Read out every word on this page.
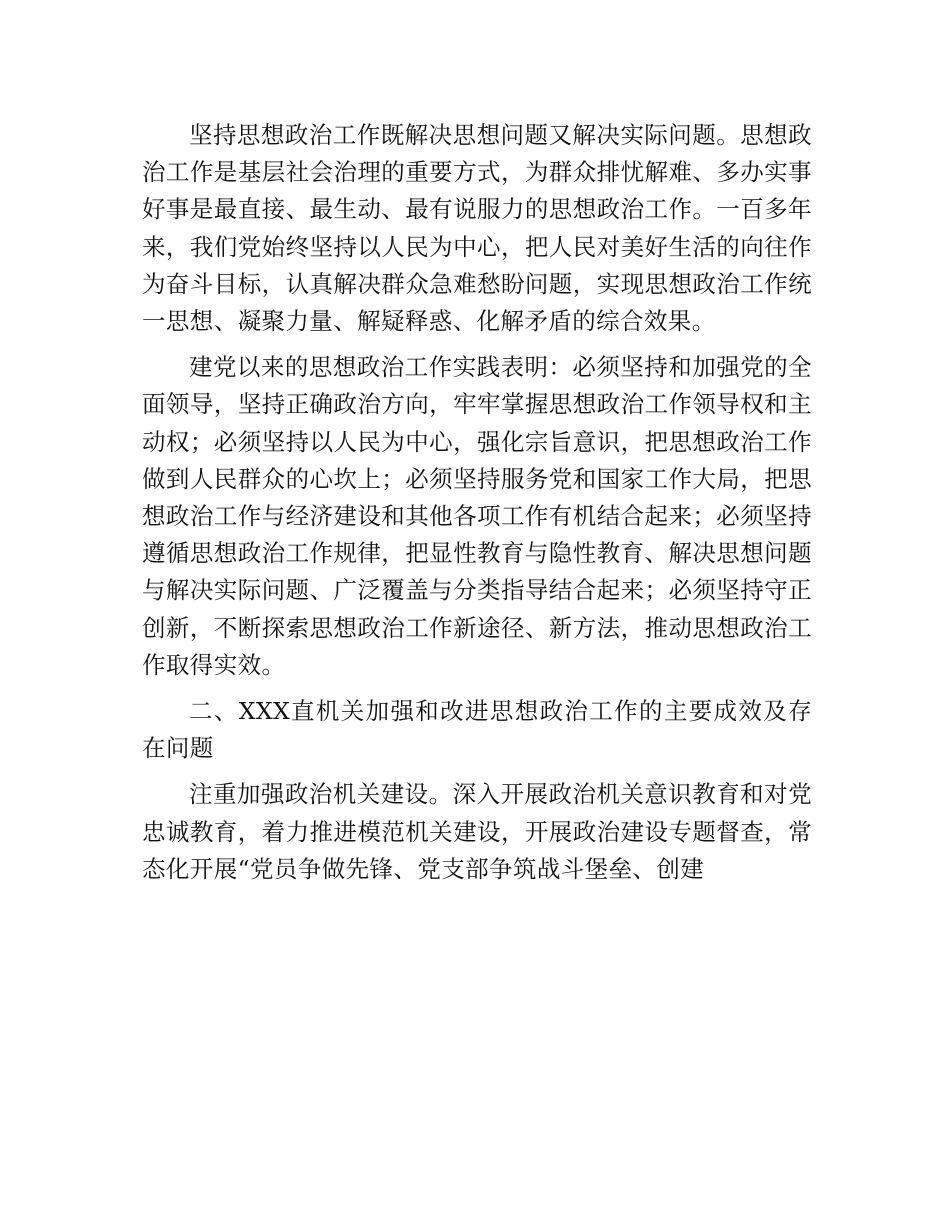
坚持思想政治工作既解决思想问题又解决实际问题。思想政治工作是基层社会治理的重要方式，为群众排忧解难、多办实事好事是最直接、最生动、最有说服力的思想政治工作。一百多年来，我们党始终坚持以人民为中心，把人民对美好生活的向往作为奋斗目标，认真解决群众急难愁盼问题，实现思想政治工作统一思想、凝聚力量、解疑释惑、化解矛盾的综合效果。

建党以来的思想政治工作实践表明：必须坚持和加强党的全面领导，坚持正确政治方向，牢牢掌握思想政治工作领导权和主动权；必须坚持以人民为中心，强化宗旨意识，把思想政治工作做到人民群众的心坎上；必须坚持服务党和国家工作大局，把思想政治工作与经济建设和其他各项工作有机结合起来；必须坚持遵循思想政治工作规律，把显性教育与隐性教育、解决思想问题与解决实际问题、广泛覆盖与分类指导结合起来；必须坚持守正创新，不断探索思想政治工作新途径、新方法，推动思想政治工作取得实效。

二、XXX直机关加强和改进思想政治工作的主要成效及存在问题

注重加强政治机关建设。深入开展政治机关意识教育和对党忠诚教育，着力推进模范机关建设，开展政治建设专题督查，常态化开展“党员争做先锋、党支部争筑战斗堡垒、创建
